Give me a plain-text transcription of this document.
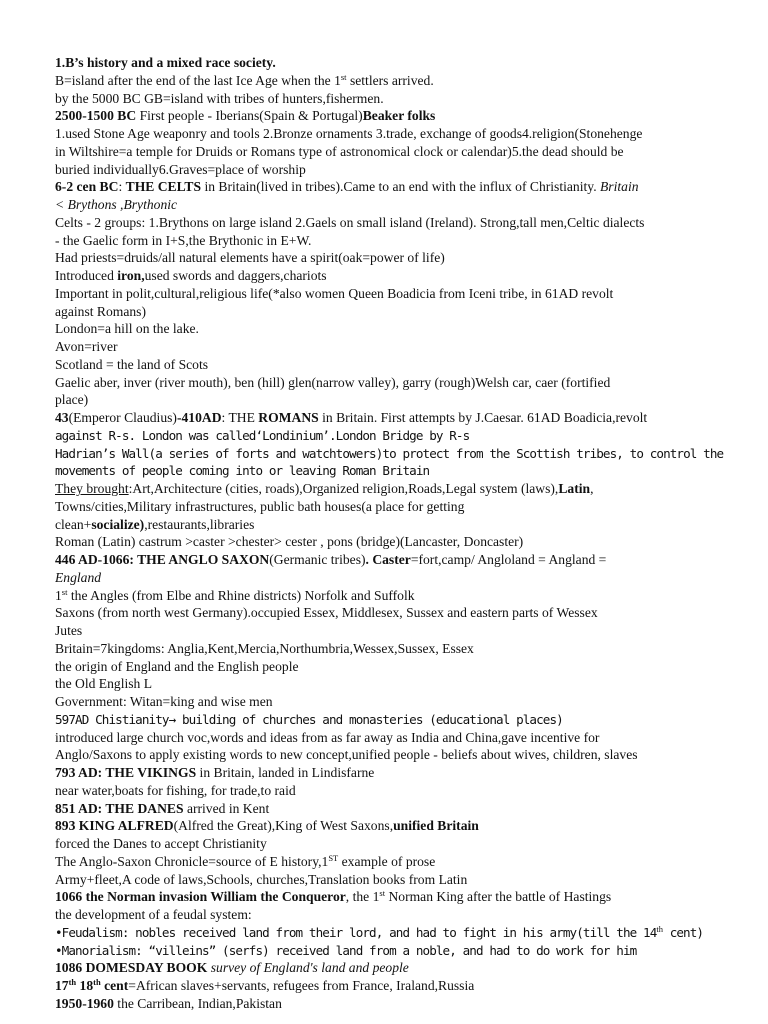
1.B’s history and a mixed race society.
B=island after the end of the last Ice Age when the 1st settlers arrived.
by the 5000 BC GB=island with tribes of hunters,fishermen.
2500-1500 BC First people - Iberians(Spain & Portugal)Beaker folks
1.used Stone Age weaponry and tools 2.Bronze ornaments 3.trade, exchange of goods4.religion(Stonehenge
in Wiltshire=a temple for Druids or Romans type of astronomical clock or calendar)5.the dead should be
buried individually6.Graves=place of worship
6-2 cen BC: THE CELTS in Britain(lived in tribes).Came to an end with the influx of Christianity. Britain
< Brythons ,Brythonic
Celts - 2 groups: 1.Brythons on large island 2.Gaels on small island (Ireland). Strong,tall men,Celtic dialects
- the Gaelic form in I+S,the Brythonic in E+W.
Had priests=druids/all natural elements have a spirit(oak=power of life)
Introduced iron,used swords and daggers,chariots
Important in polit,cultural,religious life(*also women Queen Boadicia from Iceni tribe, in 61AD revolt
against Romans)
London=a hill on the lake.
Avon=river
Scotland = the land of Scots
Gaelic aber, inver (river mouth), ben (hill) glen(narrow valley), garry (rough)Welsh car, caer (fortified
place)
43(Emperor Claudius)-410AD: THE ROMANS in Britain. First attempts by J.Caesar. 61AD Boadicia,revolt
against R-s. London was called‘Londinium’.London Bridge by R-s
Hadrian’s Wall(a series of forts and watchtowers)to protect from the Scottish tribes, to control the
movements of people coming into or leaving Roman Britain
They brought:Art,Architecture (cities, roads),Organized religion,Roads,Legal system (laws),Latin,
Towns/cities,Military infrastructures, public bath houses(a place for getting
clean+socialize),restaurants,libraries
Roman (Latin) castrum >caster >chester> cester , pons (bridge)(Lancaster, Doncaster)
446 AD-1066: THE ANGLO SAXON(Germanic tribes). Caster=fort,camp/ Angloland = Angland =
England
1st the Angles (from Elbe and Rhine districts) Norfolk and Suffolk
Saxons (from north west Germany).occupied Essex, Middlesex, Sussex and eastern parts of Wessex
Jutes
Britain=7kingdoms: Anglia,Kent,Mercia,Northumbria,Wessex,Sussex, Essex
the origin of England and the English people
the Old English L
Government: Witan=king and wise men
597AD Chistianity→ building of churches and monasteries (educational places)
introduced large church voc,words and ideas from as far away as India and China,gave incentive for
Anglo/Saxons to apply existing words to new concept,unified people - beliefs about wives, children, slaves
793 AD: THE VIKINGS in Britain, landed in Lindisfarne
near water,boats for fishing, for trade,to raid
851 AD: THE DANES arrived in Kent
893 KING ALFRED(Alfred the Great),King of West Saxons,unified Britain
forced the Danes to accept Christianity
The Anglo-Saxon Chronicle=source of E history,1ST example of prose
Army+fleet,A code of laws,Schools, churches,Translation books from Latin
1066 the Norman invasion William the Conqueror, the 1st Norman King after the battle of Hastings
the development of a feudal system:
•Feudalism: nobles received land from their lord, and had to fight in his army(till the 14th cent)
•Manorialism: “villeins” (serfs) received land from a noble, and had to do work for him
1086 DOMESDAY BOOK survey of England's land and people
17th 18th cent=African slaves+servants, refugees from France, Iraland,Russia
1950-1960 the Carribean, Indian,Pakistan
